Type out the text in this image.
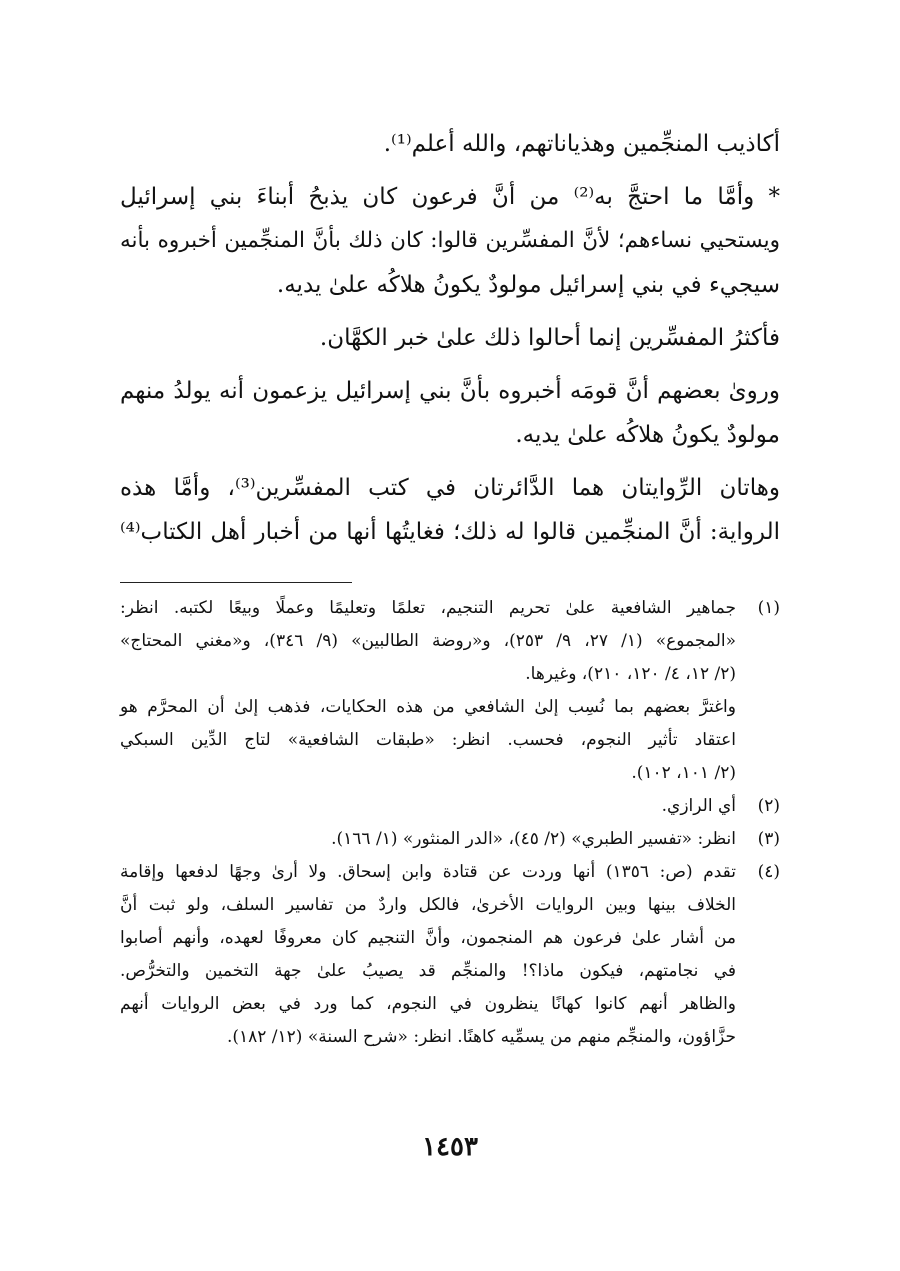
أكاذيب المنجِّمين وهذياناتهم، والله أعلم⁽¹⁾.
* وأمَّا ما احتجَّ به⁽²⁾ من أنَّ فرعون كان يذبحُ أبناءَ بني إسرائيل
ويستحيي نساءهم؛ لأنَّ المفسِّرين قالوا: كان ذلك بأنَّ المنجِّمين أخبروه بأنه
سيجيء في بني إسرائيل مولودٌ يكونُ هلاكُه علىٰ يديه.
فأكثرُ المفسِّرين إنما أحالوا ذلك علىٰ خبر الكهَّان.
ورویٰ بعضهم أنَّ قومَه أخبروه بأنَّ بني إسرائيل يزعمون أنه يولدُ منهم
مولودٌ يكونُ هلاكُه علىٰ يديه.
وهاتان الرِّوايتان هما الدَّائرتان في كتب المفسِّرين⁽³⁾، وأمَّا هذه
الرواية: أنَّ المنجِّمين قالوا له ذلك؛ فغايتُها أنها من أخبار أهل الكتاب⁽⁴⁾
(١)
جماهير الشافعية علىٰ تحريم التنجيم، تعلمًا وتعليمًا وعملًا وبيعًا لكتبه. انظر:
«المجموع» (١/ ٢٧، ٩/ ٢٥٣)، و«روضة الطالبين» (٩/ ٣٤٦)، و«مغني المحتاج»
(٢/ ١٢، ٤/ ١٢٠، ٢١٠)، وغيرها.
واغترَّ بعضهم بما نُسِب إلىٰ الشافعي من هذه الحكايات، فذهب إلىٰ أن المحرَّم هو
اعتقاد تأثير النجوم، فحسب. انظر: «طبقات الشافعية» لتاج الدِّين السبكي
(٢/ ١٠١، ١٠٢).
(٢)
أي الرازي.
(٣)
انظر: «تفسير الطبري» (٢/ ٤٥)، «الدر المنثور» (١/ ١٦٦).
(٤)
تقدم (ص: ١٣٥٦) أنها وردت عن قتادة وابن إسحاق. ولا أرىٰ وجهًا لدفعها وإقامة
الخلاف بينها وبين الروايات الأخرىٰ، فالكل واردٌ من تفاسير السلف، ولو ثبت أنَّ
من أشار علىٰ فرعون هم المنجمون، وأنَّ التنجيم كان معروفًا لعهده، وأنهم أصابوا
في نجامتهم، فيكون ماذا؟! والمنجِّم قد يصيبُ علىٰ جهة التخمين والتخرُّص.
والظاهر أنهم كانوا كهانًا ينظرون في النجوم، كما ورد في بعض الروايات أنهم
حزَّاؤون، والمنجِّم منهم من يسمِّيه كاهنًا. انظر: «شرح السنة» (١٢/ ١٨٢).
١٤٥٣
